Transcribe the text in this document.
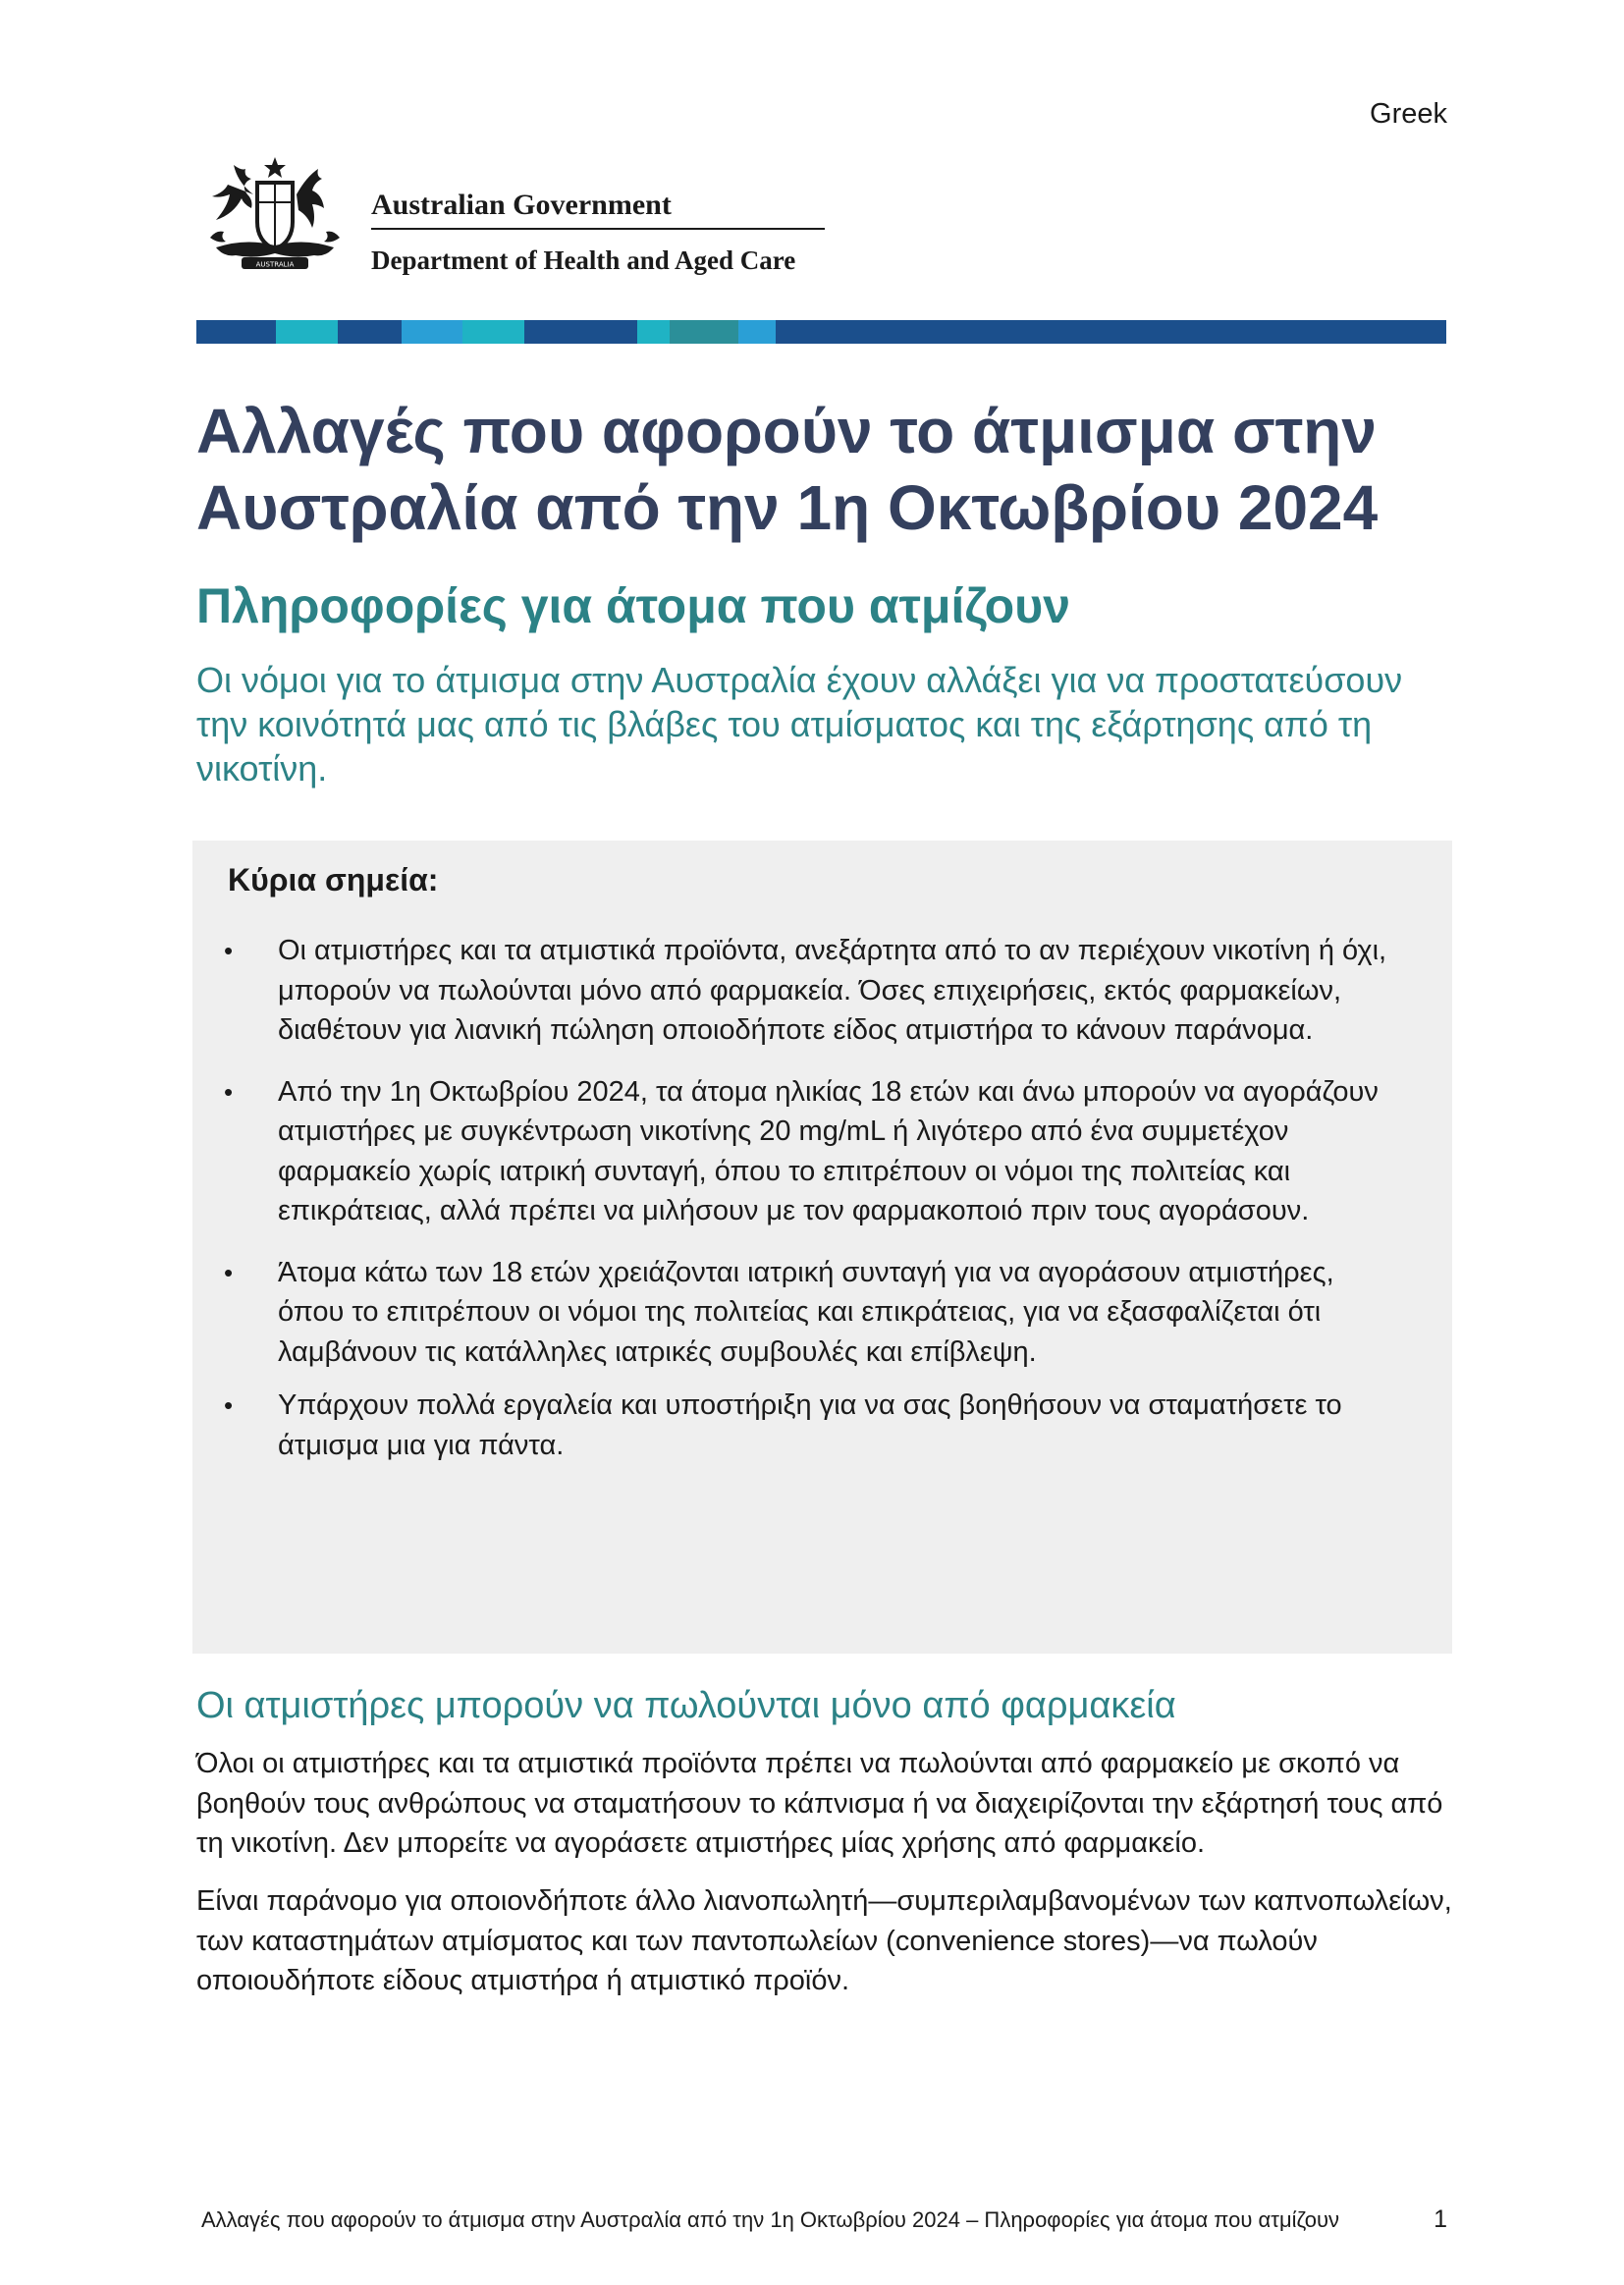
Greek
AUSTRALIA
Australian Government
Department of Health and Aged Care
Αλλαγές που αφορούν το άτμισμα στην Αυστραλία από την 1η Οκτωβρίου 2024
Πληροφορίες για άτομα που ατμίζουν

Οι νόμοι για το άτμισμα στην Αυστραλία έχουν αλλάξει για να προστατεύσουν την κοινότητά μας από τις βλάβες του ατμίσματος και της εξάρτησης από τη νικοτίνη.

Κύρια σημεία:
• Οι ατμιστήρες και τα ατμιστικά προϊόντα, ανεξάρτητα από το αν περιέχουν νικοτίνη ή όχι, μπορούν να πωλούνται μόνο από φαρμακεία. Όσες επιχειρήσεις, εκτός φαρμακείων, διαθέτουν για λιανική πώληση οποιοδήποτε είδος ατμιστήρα το κάνουν παράνομα.
• Από την 1η Οκτωβρίου 2024, τα άτομα ηλικίας 18 ετών και άνω μπορούν να αγοράζουν ατμιστήρες με συγκέντρωση νικοτίνης 20 mg/mL ή λιγότερο από ένα συμμετέχον φαρμακείο χωρίς ιατρική συνταγή, όπου το επιτρέπουν οι νόμοι της πολιτείας και επικράτειας, αλλά πρέπει να μιλήσουν με τον φαρμακοποιό πριν τους αγοράσουν.
• Άτομα κάτω των 18 ετών χρειάζονται ιατρική συνταγή για να αγοράσουν ατμιστήρες, όπου το επιτρέπουν οι νόμοι της πολιτείας και επικράτειας, για να εξασφαλίζεται ότι λαμβάνουν τις κατάλληλες ιατρικές συμβουλές και επίβλεψη.
• Υπάρχουν πολλά εργαλεία και υποστήριξη για να σας βοηθήσουν να σταματήσετε το άτμισμα μια για πάντα.
Οι ατμιστήρες μπορούν να πωλούνται μόνο από φαρμακεία

Όλοι οι ατμιστήρες και τα ατμιστικά προϊόντα πρέπει να πωλούνται από φαρμακείο με σκοπό να βοηθούν τους ανθρώπους να σταματήσουν το κάπνισμα ή να διαχειρίζονται την εξάρτησή τους από τη νικοτίνη. Δεν μπορείτε να αγοράσετε ατμιστήρες μίας χρήσης από φαρμακείο.

Είναι παράνομο για οποιονδήποτε άλλο λιανοπωλητή—συμπεριλαμβανομένων των καπνοπωλείων, των καταστημάτων ατμίσματος και των παντοπωλείων (convenience stores)—να πωλούν οποιουδήποτε είδους ατμιστήρα ή ατμιστικό προϊόν.

Αλλαγές που αφορούν το άτμισμα στην Αυστραλία από την 1η Οκτωβρίου 2024 – Πληροφορίες για άτομα που ατμίζουν	1
